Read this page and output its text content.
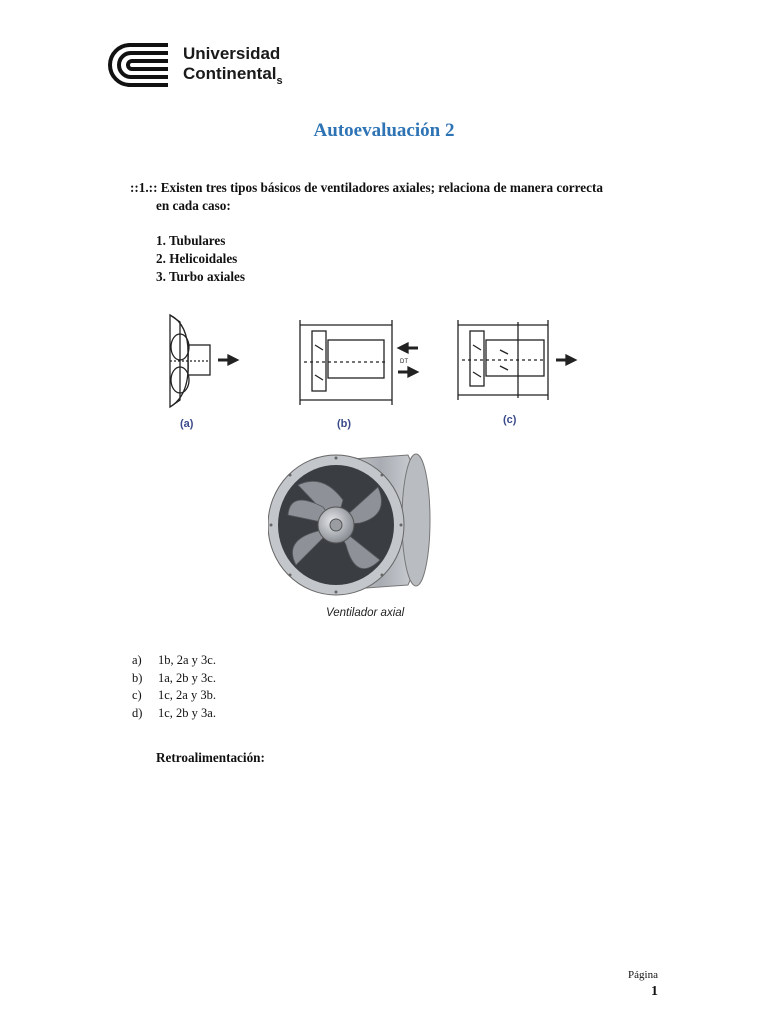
Universidad
Continental$_s$
Autoevaluación 2
::1.:: Existen tres tipos básicos de ventiladores axiales; relaciona de manera correcta
en cada caso:
1. Tubulares
2. Helicoidales
3. Turbo axiales
DT
(a)	(b)	(c)
Ventilador axial
a)	1b, 2a y 3c.
b)	1a, 2b y 3c.
c)	1c, 2a y 3b.
d)	1c, 2b y 3a.
Retroalimentación:
Página
1
